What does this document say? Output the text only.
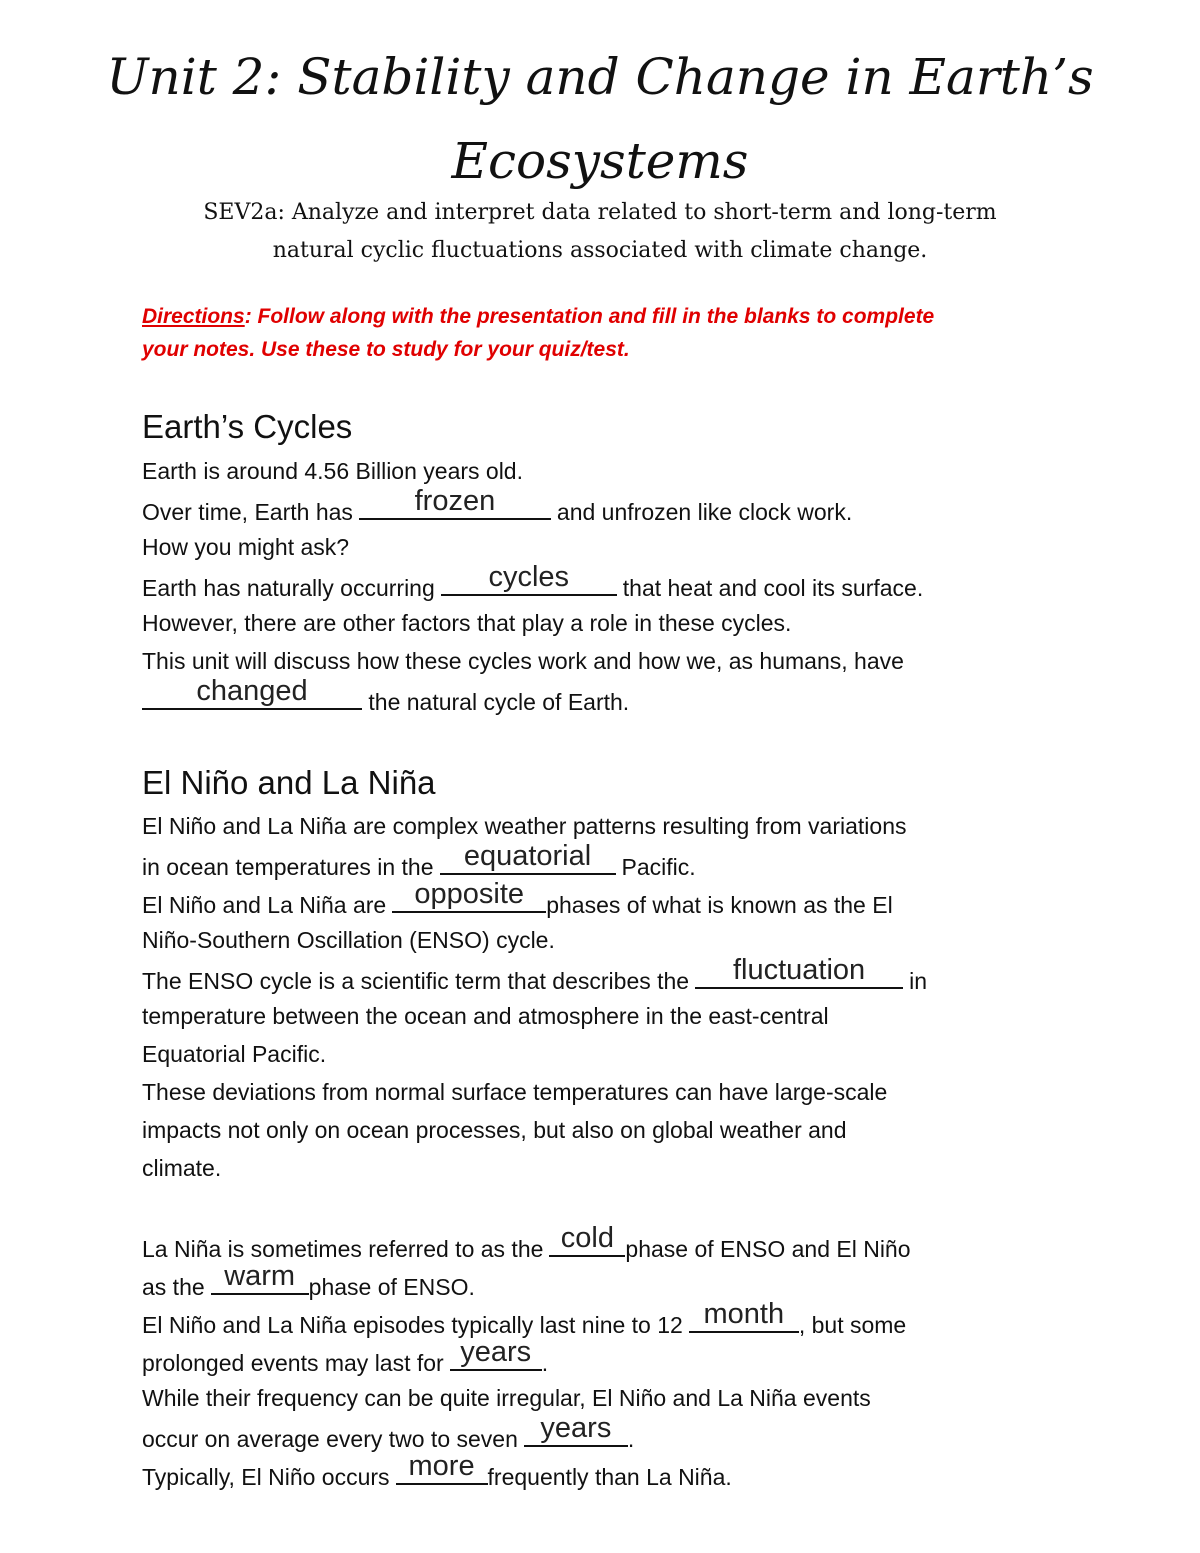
Unit 2: Stability and Change in Earth’s
Ecosystems
SEV2a: Analyze and interpret data related to short-term and long-term
natural cyclic fluctuations associated with climate change.
Directions: Follow along with the presentation and fill in the blanks to complete
your notes. Use these to study for your quiz/test.
Earth’s Cycles
Earth is around 4.56 Billion years old.
Over time, Earth has	frozen	and unfrozen like clock work.
How you might ask?
Earth has naturally occurring	cycles	that heat and cool its surface.
However, there are other factors that play a role in these cycles.
This unit will discuss how these cycles work and how we, as humans, have
changed	the natural cycle of Earth.
El Niño and La Niña
El Niño and La Niña are complex weather patterns resulting from variations
in ocean temperatures in the	equatorial	Pacific.
El Niño and La Niña are opposite phases of what is known as the El
Niño-Southern Oscillation (ENSO) cycle.
The ENSO cycle is a scientific term that describes the	fluctuation	in
temperature between the ocean and atmosphere in the east-central
Equatorial Pacific.
These deviations from normal surface temperatures can have large-scale
impacts not only on ocean processes, but also on global weather and
climate.
La Niña is sometimes referred to as the cold phase of ENSO and El Niño
as the warm phase of ENSO.
El Niño and La Niña episodes typically last nine to 12 month , but some
prolonged events may last for years .
While their frequency can be quite irregular, El Niño and La Niña events
occur on average every two to seven years .
Typically, El Niño occurs more frequently than La Niña.
